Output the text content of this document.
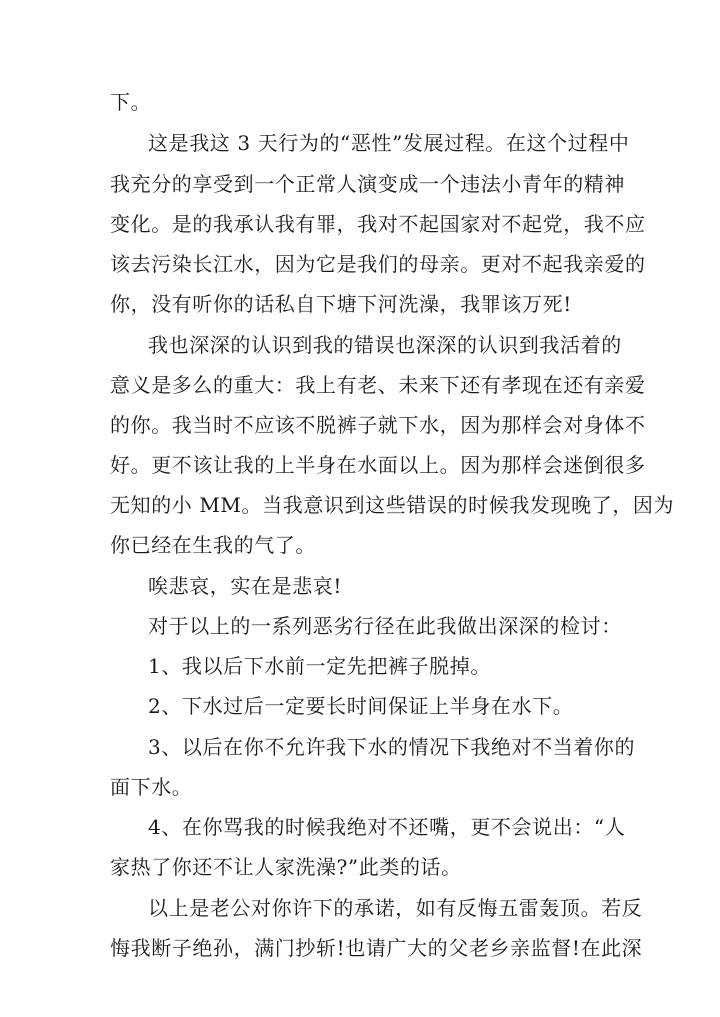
下。
这是我这 3 天行为的“恶性”发展过程。在这个过程中
我充分的享受到一个正常人演变成一个违法小青年的精神
变化。是的我承认我有罪，我对不起国家对不起党，我不应
该去污染长江水，因为它是我们的母亲。更对不起我亲爱的
你，没有听你的话私自下塘下河洗澡，我罪该万死!
我也深深的认识到我的错误也深深的认识到我活着的
意义是多么的重大：我上有老、未来下还有孝现在还有亲爱
的你。我当时不应该不脱裤子就下水，因为那样会对身体不
好。更不该让我的上半身在水面以上。因为那样会迷倒很多
无知的小 MM。当我意识到这些错误的时候我发现晚了，因为
你已经在生我的气了。
唉悲哀，实在是悲哀!
对于以上的一系列恶劣行径在此我做出深深的检讨：
1、我以后下水前一定先把裤子脱掉。
2、下水过后一定要长时间保证上半身在水下。
3、以后在你不允许我下水的情况下我绝对不当着你的
面下水。
4、在你骂我的时候我绝对不还嘴，更不会说出：“人
家热了你还不让人家洗澡?”此类的话。
以上是老公对你许下的承诺，如有反悔五雷轰顶。若反
悔我断子绝孙，满门抄斩!也请广大的父老乡亲监督!在此深
